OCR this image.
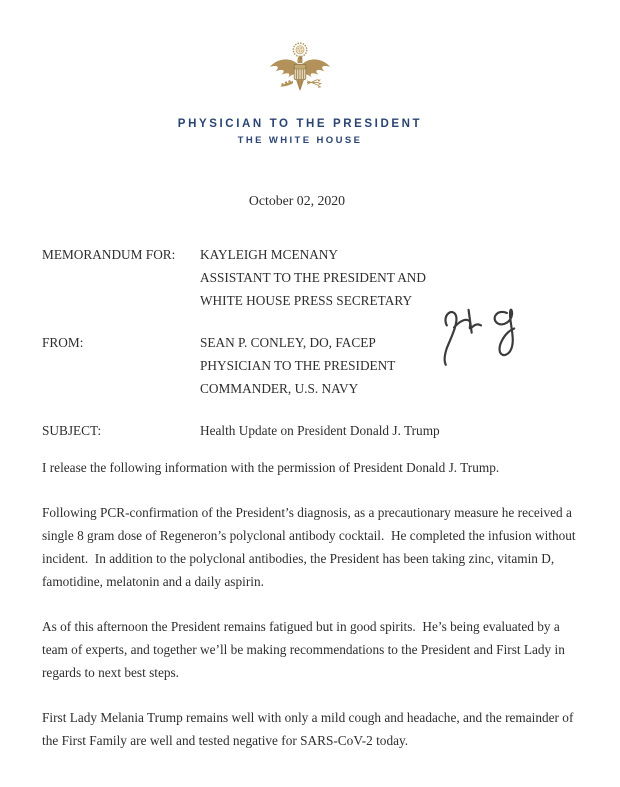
PHYSICIAN TO THE PRESIDENT
THE WHITE HOUSE
October 02, 2020
MEMORANDUM FOR:	KAYLEIGH MCENANY
ASSISTANT TO THE PRESIDENT AND
WHITE HOUSE PRESS SECRETARY
FROM:	SEAN P. CONLEY, DO, FACEP
PHYSICIAN TO THE PRESIDENT
COMMANDER, U.S. NAVY
SUBJECT:	Health Update on President Donald J. Trump

I release the following information with the permission of President Donald J. Trump.

Following PCR-confirmation of the President’s diagnosis, as a precautionary measure he received a single 8 gram dose of Regeneron’s polyclonal antibody cocktail.  He completed the infusion without incident.  In addition to the polyclonal antibodies, the President has been taking zinc, vitamin D, famotidine, melatonin and a daily aspirin.

As of this afternoon the President remains fatigued but in good spirits.  He’s being evaluated by a team of experts, and together we’ll be making recommendations to the President and First Lady in regards to next best steps.

First Lady Melania Trump remains well with only a mild cough and headache, and the remainder of the First Family are well and tested negative for SARS-CoV-2 today.
